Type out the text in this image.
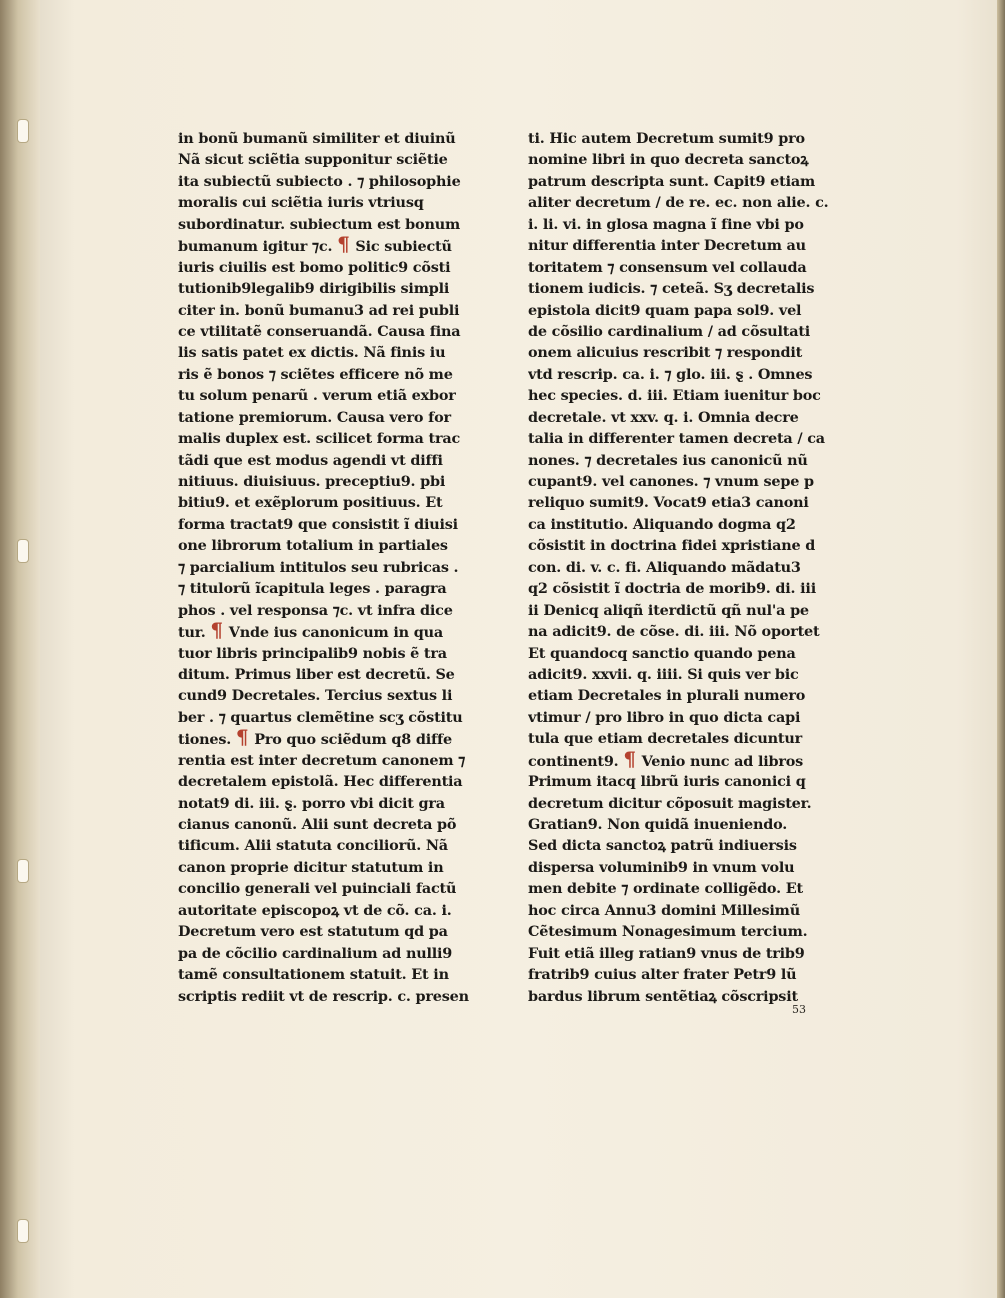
in bonũ bumanũ similiter et diuinũ
Nã sicut sciẽtia supponitur sciẽtie
ita subiectũ subiecto . ⁊ philosophie
moralis cui sciẽtia iuris vtriusq
subordinatur. subiectum est bonum
bumanum igitur ⁊c. ¶ Sic subiectũ
iuris ciuilis est bomo politic9 cõsti
tutionib9legalib9 dirigibilis simpli
citer in. bonũ bumanu3 ad rei publi
ce vtilitatẽ conseruandã. Causa fina
lis satis patet ex dictis. Nã finis iu
ris ẽ bonos ⁊ sciẽtes efficere nõ me
tu solum penarũ . verum etiã exbor
tatione premiorum. Causa vero for
malis duplex est. scilicet forma trac
tãdi que est modus agendi vt diffi
nitiuus. diuisiuus. preceptiu9. pbi
bitiu9. et exẽplorum positiuus. Et
forma tractat9 que consistit ĩ diuisi
one librorum totalium in partiales
⁊ parcialium intitulos seu rubricas .
⁊ titulorũ ĩcapitula leges . paragra
phos . vel responsa ⁊c. vt infra dice
tur. ¶ Vnde ius canonicum in qua
tuor libris principalib9 nobis ẽ tra
ditum. Primus liber est decretũ. Se
cund9 Decretales. Tercius sextus li
ber . ⁊ quartus clemẽtine scʒ cõstitu
tiones. ¶ Pro quo sciẽdum q8 diffe
rentia est inter decretum canonem ⁊
decretalem epistolã. Hec differentia
notat9 di. iii. ȿ. porro vbi dicit gra
cianus canonũ. Alii sunt decreta põ
tificum. Alii statuta conciliorũ. Nã
canon proprie dicitur statutum in
concilio generali vel puinciali factũ
autoritate episcopoꝝ vt de cõ. ca. i.
Decretum vero est statutum qd pa
pa de cõcilio cardinalium ad nulli9
tamẽ consultationem statuit. Et in
scriptis rediit vt de rescrip. c. presen
ti. Hic autem Decretum sumit9 pro
nomine libri in quo decreta sanctoꝝ
patrum descripta sunt. Capit9 etiam
aliter decretum / de re. ec. non alie. c.
i. li. vi. in glosa magna ĩ fine vbi po
nitur differentia inter Decretum au
toritatem ⁊ consensum vel collauda
tionem iudicis. ⁊ ceteã. Sʒ decretalis
epistola dicit9 quam papa sol9. vel
de cõsilio cardinalium / ad cõsultati
onem alicuius rescribit ⁊ respondit
vtd rescrip. ca. i. ⁊ glo. iii. ȿ . Omnes
hec species. d. iii. Etiam iuenitur boc
decretale. vt xxv. q. i. Omnia decre
talia in differenter tamen decreta / ca
nones. ⁊ decretales ius canonicũ nũ
cupant9. vel canones. ⁊ vnum sepe p
reliquo sumit9. Vocat9 etia3 canoni
ca institutio. Aliquando dogma q2
cõsistit in doctrina fidei xpristiane d
con. di. v. c. fi. Aliquando mãdatu3
q2 cõsistit ĩ doctria de morib9. di. iii
ii Denicq aliqñ iterdictũ qñ nul'a pe
na adicit9. de cõse. di. iii. Nõ oportet
Et quandocq sanctio quando pena
adicit9. xxvii. q. iiii. Si quis ver bic
etiam Decretales in plurali numero
vtimur / pro libro in quo dicta capi
tula que etiam decretales dicuntur
continent9. ¶ Venio nunc ad libros
Primum itacq librũ iuris canonici q
decretum dicitur cõposuit magister.
Gratian9. Non quidã inueniendo.
Sed dicta sanctoꝝ patrũ indiuersis
dispersa voluminib9 in vnum volu
men debite ⁊ ordinate colligẽdo. Et
hoc circa Annu3 domini Millesimũ
Cẽtesimum Nonagesimum tercium.
Fuit etiã illeg ratian9 vnus de trib9
fratrib9 cuius alter frater Petr9 lũ
bardus librum sentẽtiaꝝ cõscripsit
53
